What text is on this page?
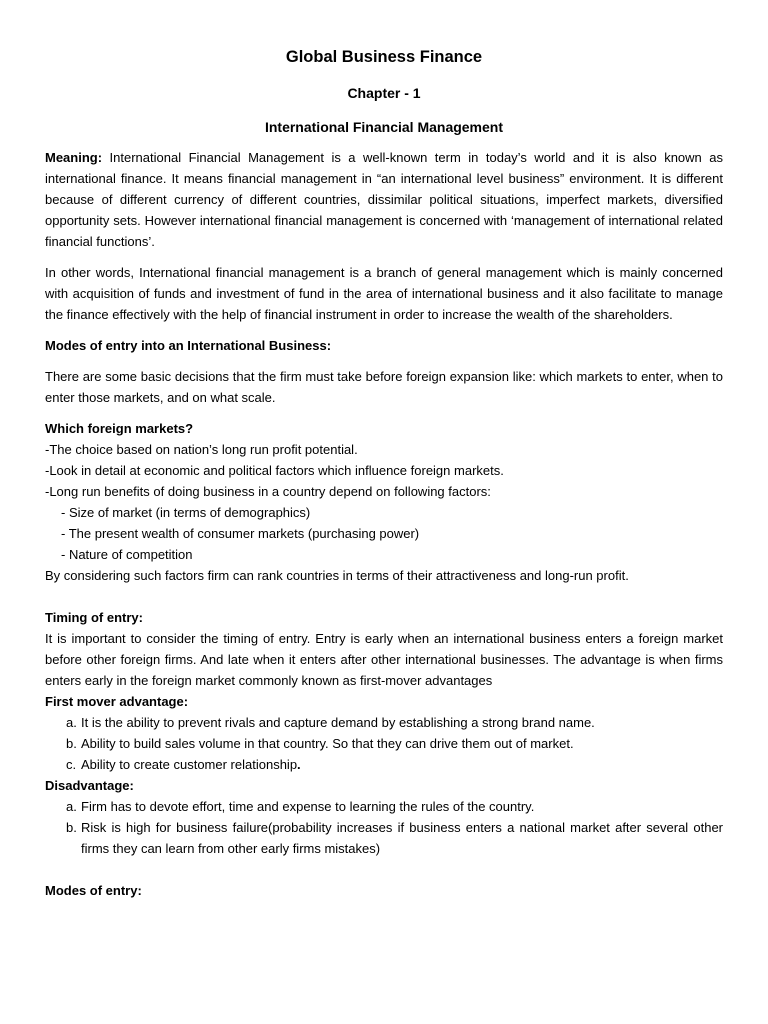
Global Business Finance
Chapter - 1
International Financial Management

Meaning: International Financial Management is a well-known term in today’s world and it is also known as international finance. It means financial management in “an international level business” environment. It is different because of different currency of different countries, dissimilar political situations, imperfect markets, diversified opportunity sets. However international financial management is concerned with ‘management of international related financial functions’.

In other words, International financial management is a branch of general management which is mainly concerned with acquisition of funds and investment of fund in the area of international business and it also facilitate to manage the finance effectively with the help of financial instrument in order to increase the wealth of the shareholders.

Modes of entry into an International Business:

There are some basic decisions that the firm must take before foreign expansion like: which markets to enter, when to enter those markets, and on what scale.

Which foreign markets?

-The choice based on nation’s long run profit potential.

-Look in detail at economic and political factors which influence foreign markets.

-Long run benefits of doing business in a country depend on following factors:

- Size of market (in terms of demographics)

- The present wealth of consumer markets (purchasing power)

- Nature of competition

By considering such factors firm can rank countries in terms of their attractiveness and long-run profit.

Timing of entry:

It is important to consider the timing of entry. Entry is early when an international business enters a foreign market before other foreign firms. And late when it enters after other international businesses. The advantage is when firms enters early in the foreign market commonly known as first-mover advantages

First mover advantage:

a. It is the ability to prevent rivals and capture demand by establishing a strong brand name.
b. Ability to build sales volume in that country. So that they can drive them out of market.
c. Ability to create customer relationship.

Disadvantage:

a. Firm has to devote effort, time and expense to learning the rules of the country.
b. Risk is high for business failure(probability increases if business enters a national market after several other firms they can learn from other early firms mistakes)

Modes of entry:
